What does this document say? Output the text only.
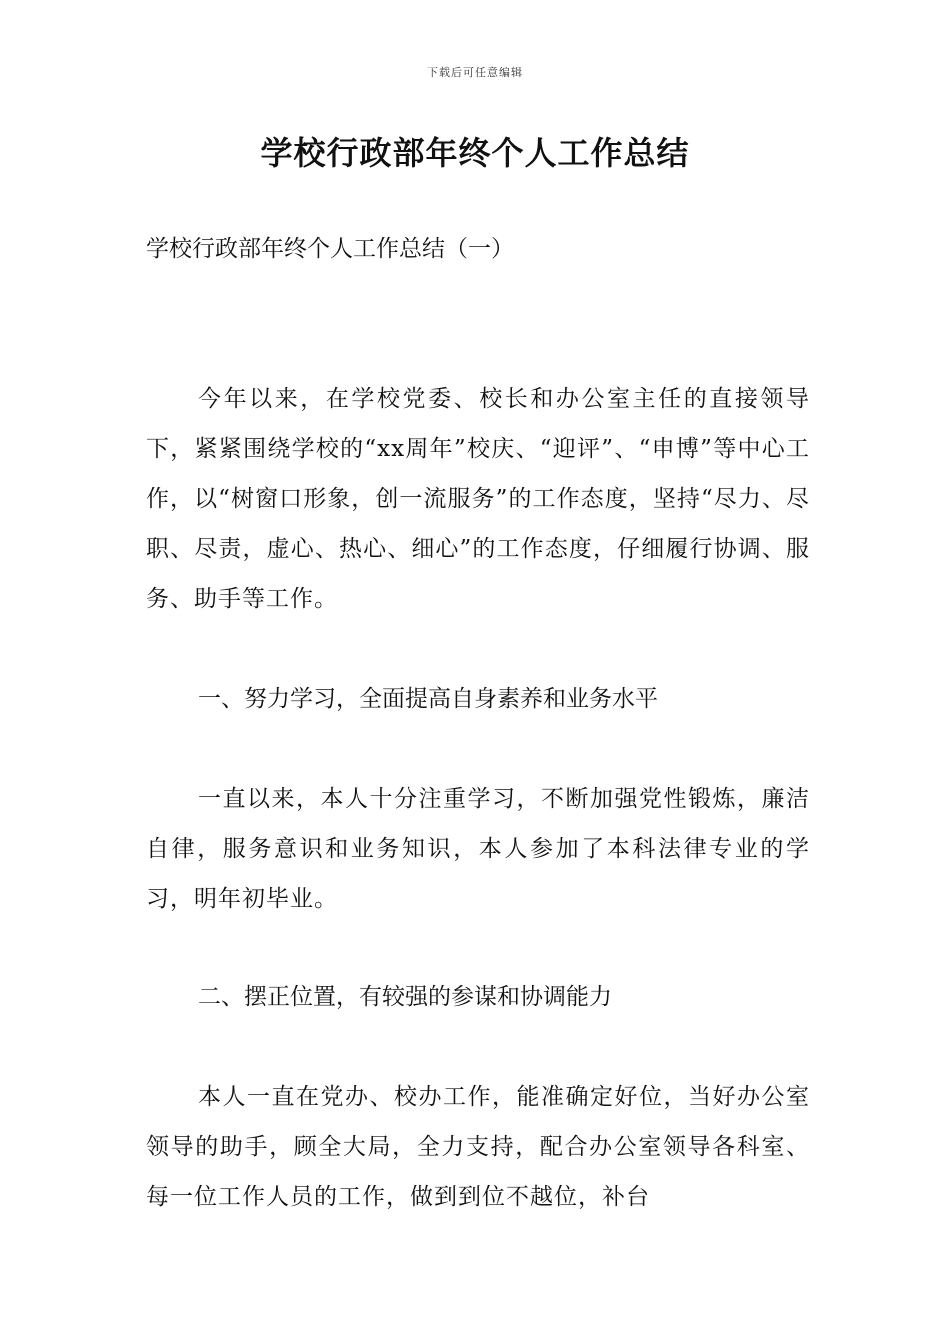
下载后可任意编辑
学校行政部年终个人工作总结

学校行政部年终个人工作总结（一）

今年以来，在学校党委、校长和办公室主任的直接领导下，紧紧围绕学校的“xx周年”校庆、“迎评”、“申博”等中心工作，以“树窗口形象，创一流服务”的工作态度，坚持“尽力、尽职、尽责，虚心、热心、细心”的工作态度，仔细履行协调、服务、助手等工作。

一、努力学习，全面提高自身素养和业务水平

一直以来，本人十分注重学习，不断加强党性锻炼，廉洁自律，服务意识和业务知识，本人参加了本科法律专业的学习，明年初毕业。

二、摆正位置，有较强的参谋和协调能力

本人一直在党办、校办工作，能准确定好位，当好办公室领导的助手，顾全大局，全力支持，配合办公室领导各科室、每一位工作人员的工作，做到到位不越位，补台
